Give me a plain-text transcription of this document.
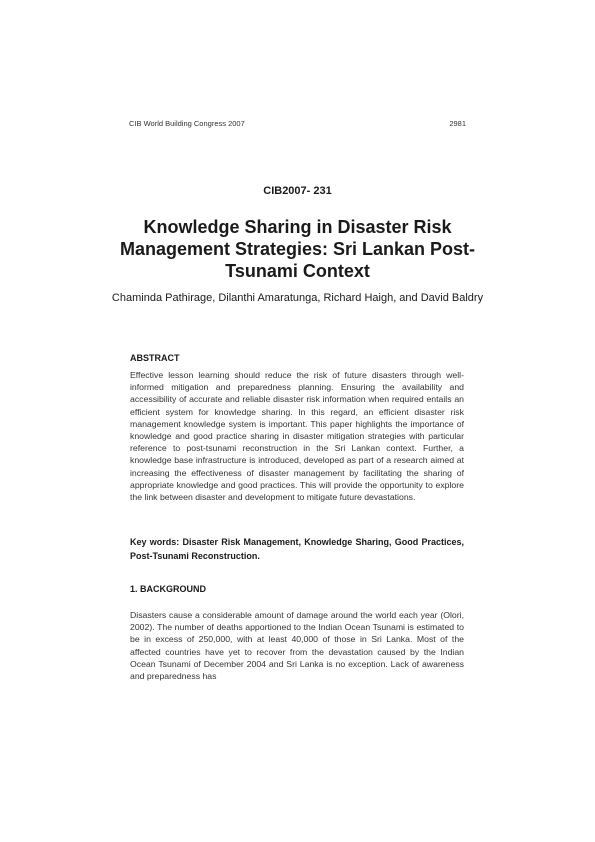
CIB World Building Congress 2007	2981
CIB2007- 231
Knowledge Sharing in Disaster Risk Management Strategies: Sri Lankan Post-Tsunami Context
Chaminda Pathirage, Dilanthi Amaratunga, Richard Haigh, and David Baldry
ABSTRACT

Effective lesson learning should reduce the risk of future disasters through well-informed mitigation and preparedness planning. Ensuring the availability and accessibility of accurate and reliable disaster risk information when required entails an efficient system for knowledge sharing. In this regard, an efficient disaster risk management knowledge system is important. This paper highlights the importance of knowledge and good practice sharing in disaster mitigation strategies with particular reference to post-tsunami reconstruction in the Sri Lankan context. Further, a knowledge base infrastructure is introduced, developed as part of a research aimed at increasing the effectiveness of disaster management by facilitating the sharing of appropriate knowledge and good practices. This will provide the opportunity to explore the link between disaster and development to mitigate future devastations.

Key words: Disaster Risk Management, Knowledge Sharing, Good Practices, Post-Tsunami Reconstruction.

1. BACKGROUND

Disasters cause a considerable amount of damage around the world each year (Olori, 2002). The number of deaths apportioned to the Indian Ocean Tsunami is estimated to be in excess of 250,000, with at least 40,000 of those in Sri Lanka. Most of the affected countries have yet to recover from the devastation caused by the Indian Ocean Tsunami of December 2004 and Sri Lanka is no exception. Lack of awareness and preparedness has
